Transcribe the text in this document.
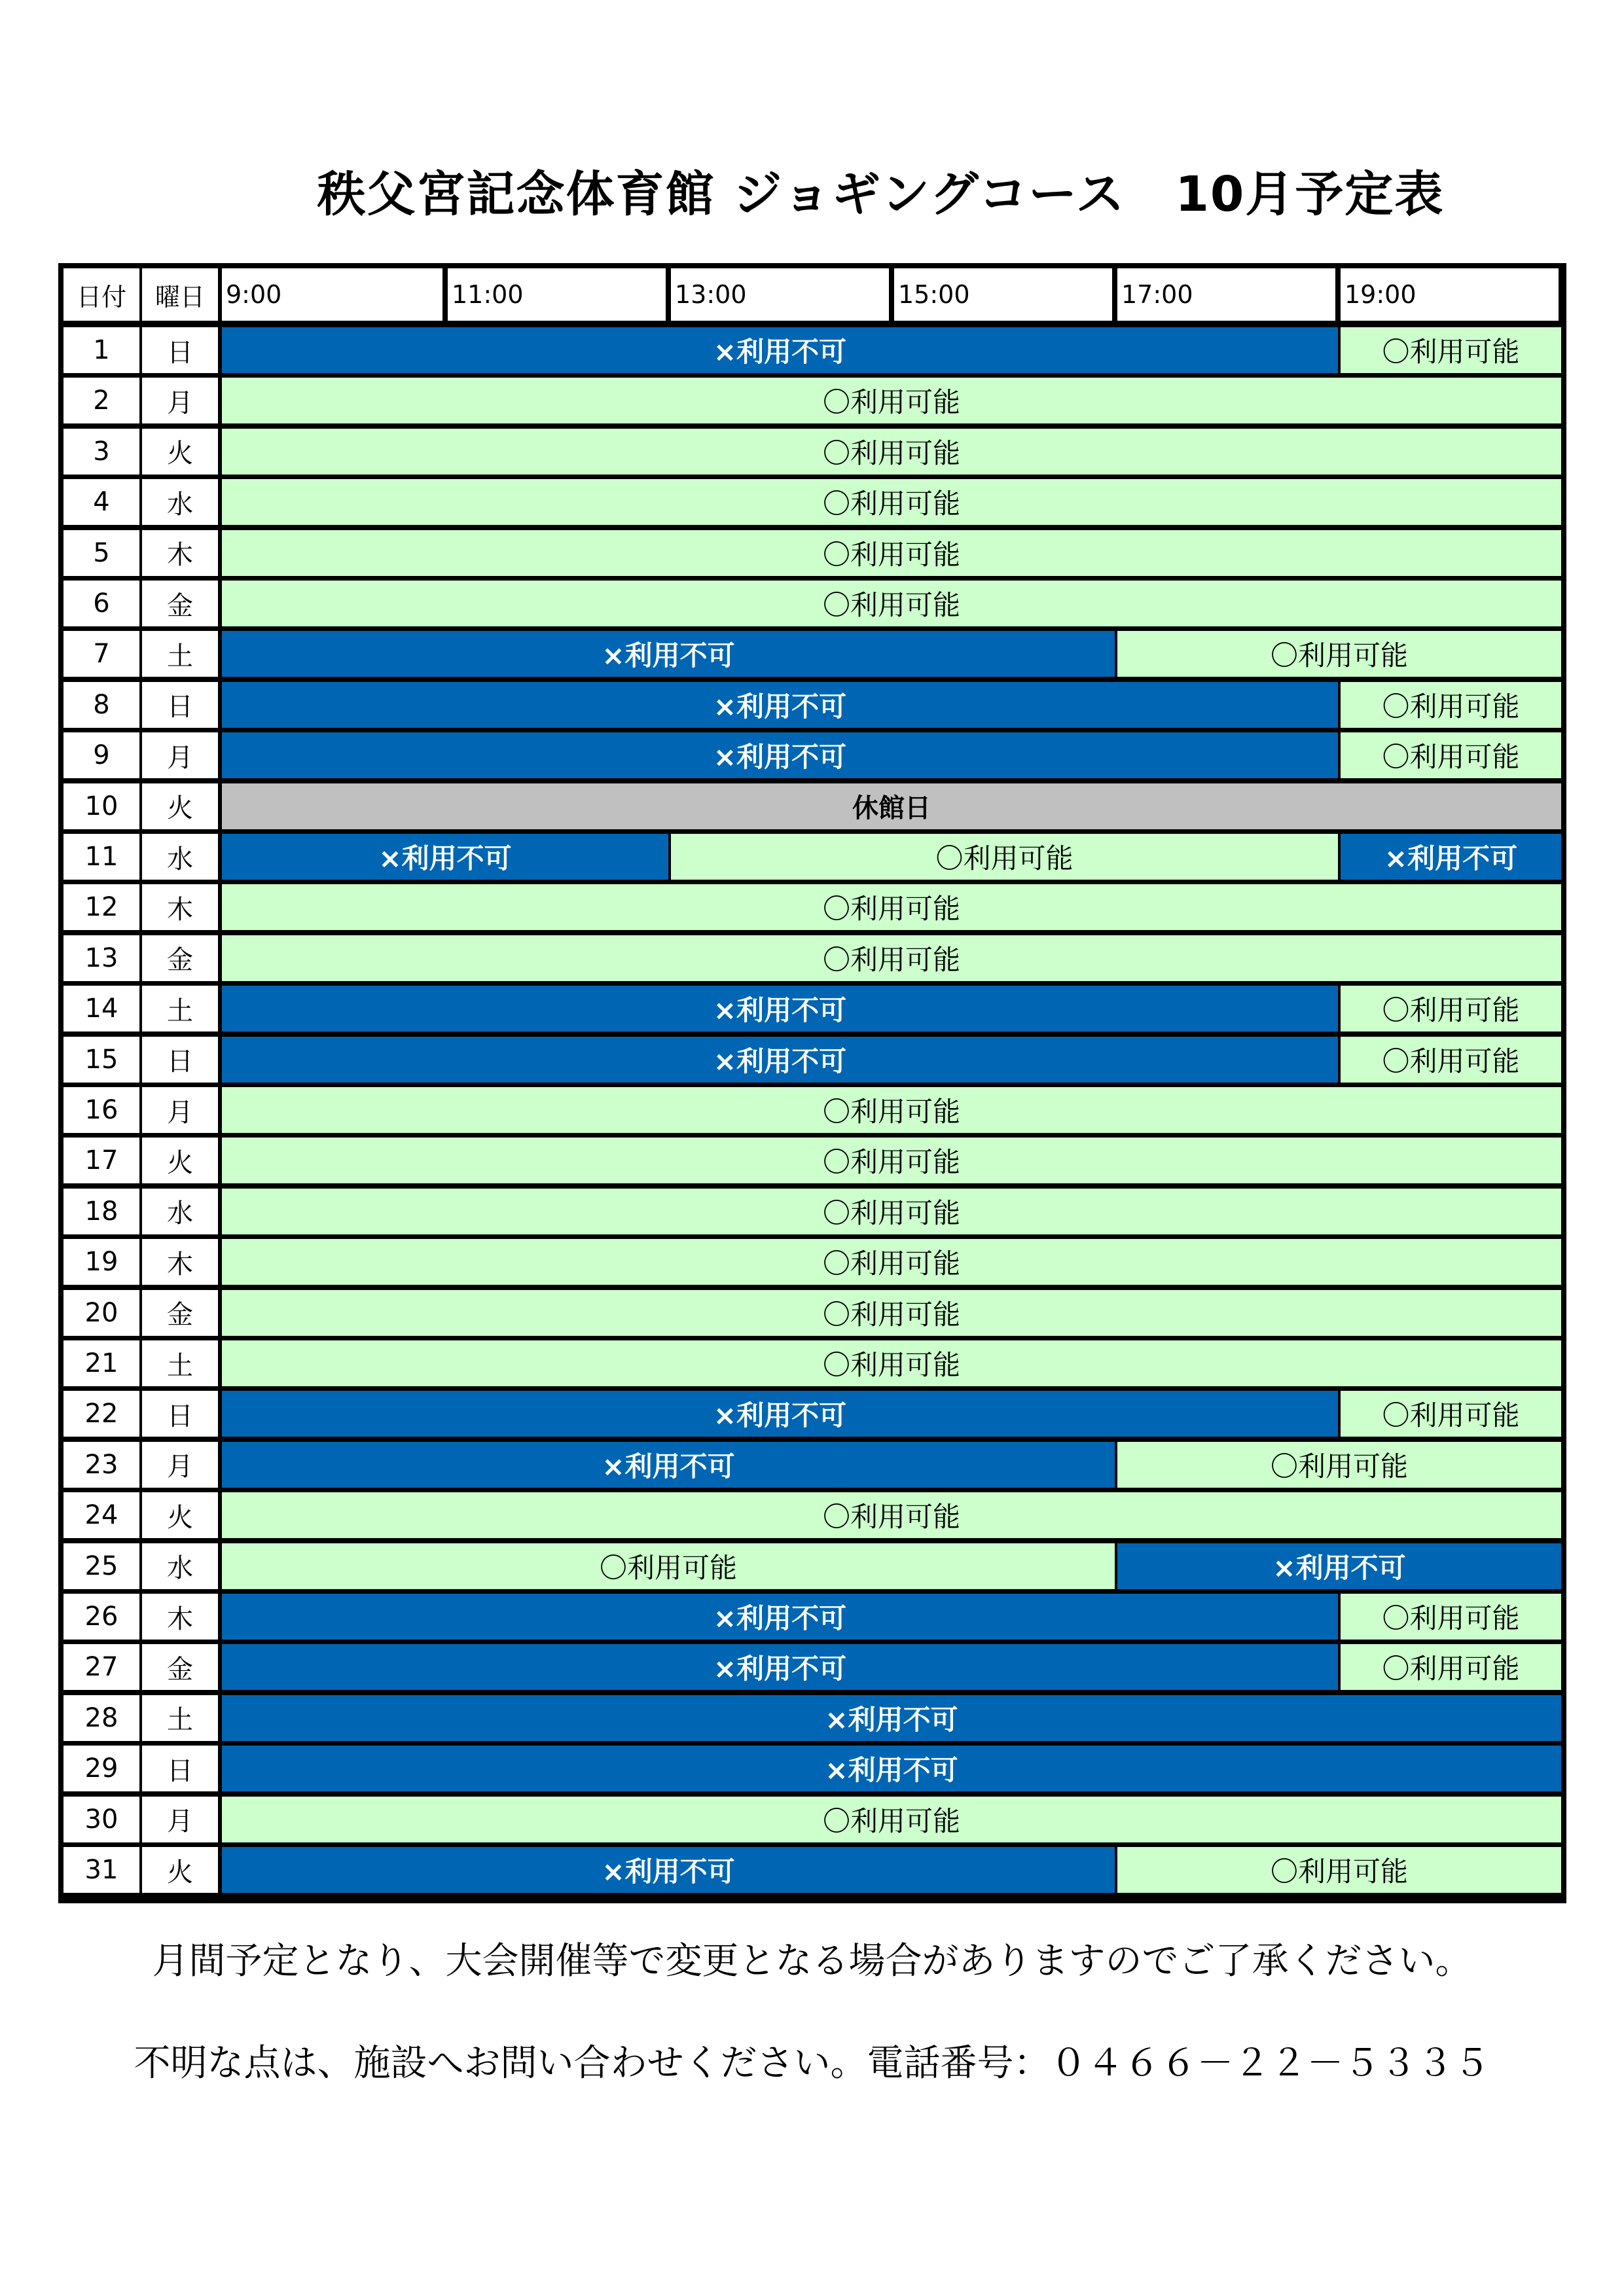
秩父宮記念体育館 ジョギングコース　10月予定表
日付	曜日 9:00	11:00	13:00	15:00	17:00	19:00
1	日	×利用不可	〇利用可能
2	月	〇利用可能
3	火	〇利用可能
4	水	〇利用可能
5	木	〇利用可能
6	金	〇利用可能
7	土	×利用不可	〇利用可能
8	日	×利用不可	〇利用可能
9	月	×利用不可	〇利用可能
10	火	休館日
11	水	×利用不可	〇利用可能	×利用不可
12	木	〇利用可能
13	金	〇利用可能
14	土	×利用不可	〇利用可能
15	日	×利用不可	〇利用可能
16	月	〇利用可能
17	火	〇利用可能
18	水	〇利用可能
19	木	〇利用可能
20	金	〇利用可能
21	土	〇利用可能
22	日	×利用不可	〇利用可能
23	月	×利用不可	〇利用可能
24	火	〇利用可能
25	水	〇利用可能	×利用不可
26	木	×利用不可	〇利用可能
27	金	×利用不可	〇利用可能
28	土	×利用不可
29	日	×利用不可
30	月	〇利用可能
31	火	×利用不可	〇利用可能
月間予定となり、大会開催等で変更となる場合がありますのでご了承ください。
不明な点は、施設へお問い合わせください。電話番号：０４６６－２２－５３３５
